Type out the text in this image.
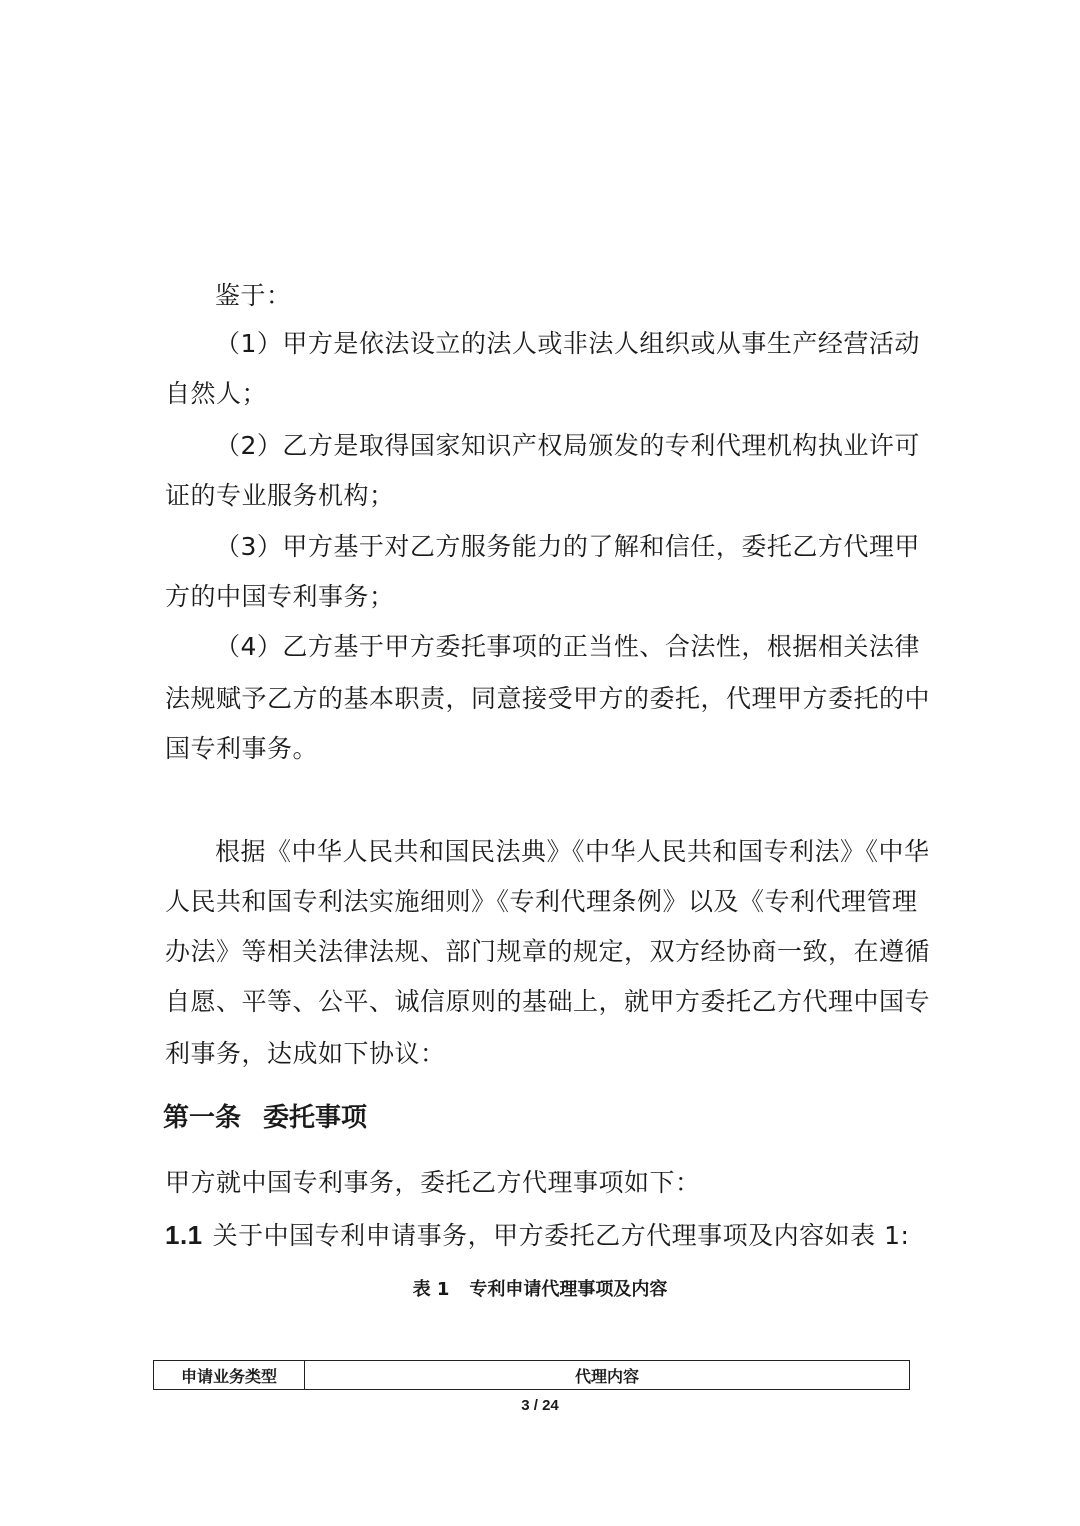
鉴于：
（1）甲方是依法设立的法人或非法人组织或从事生产经营活动
自然人；
（2）乙方是取得国家知识产权局颁发的专利代理机构执业许可
证的专业服务机构；
（3）甲方基于对乙方服务能力的了解和信任，委托乙方代理甲
方的中国专利事务；
（4）乙方基于甲方委托事项的正当性、合法性，根据相关法律
法规赋予乙方的基本职责，同意接受甲方的委托，代理甲方委托的中
国专利事务。
根据《中华人民共和国民法典》《中华人民共和国专利法》《中华
人民共和国专利法实施细则》《专利代理条例》以及《专利代理管理
办法》等相关法律法规、部门规章的规定，双方经协商一致，在遵循
自愿、平等、公平、诚信原则的基础上，就甲方委托乙方代理中国专
利事务，达成如下协议：
第一条 委托事项
甲方就中国专利事务，委托乙方代理事项如下：
1.1 关于中国专利申请事务，甲方委托乙方代理事项及内容如表 1:
表 1 专利申请代理事项及内容
申请业务类型	代理内容
3 / 24
